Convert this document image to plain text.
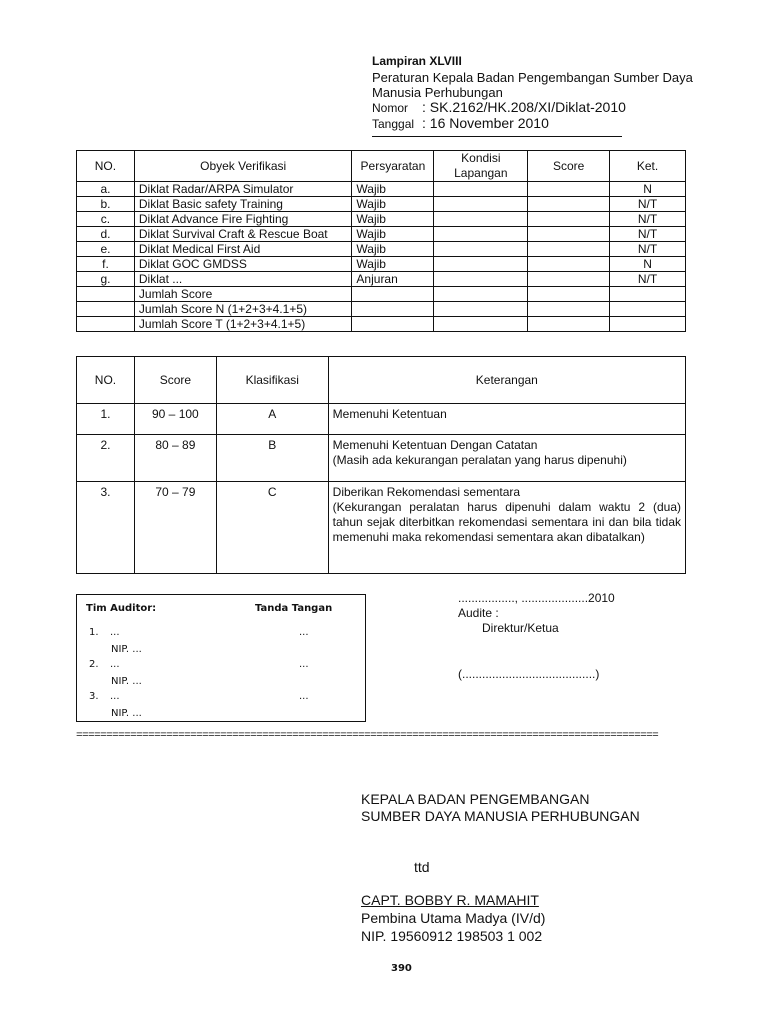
Lampiran XLVIII
Peraturan Kepala Badan Pengembangan Sumber Daya Manusia Perhubungan
Nomor : SK.2162/HK.208/XI/Diklat-2010
Tanggal : 16 November 2010
NO.	Obyek Verifikasi	Persyaratan	Kondisi Lapangan	Score	Ket.
a.	Diklat Radar/ARPA Simulator	Wajib			N
b.	Diklat Basic safety Training	Wajib			N/T
c.	Diklat Advance Fire Fighting	Wajib			N/T
d.	Diklat Survival Craft & Rescue Boat	Wajib			N/T
e.	Diklat Medical First Aid	Wajib			N/T
f.	Diklat GOC GMDSS	Wajib			N
g.	Diklat ...	Anjuran			N/T
	Jumlah Score				
	Jumlah Score N (1+2+3+4.1+5)				
	Jumlah Score T (1+2+3+4.1+5)				
NO.	Score	Klasifikasi	Keterangan
1.	90 – 100	A	Memenuhi Ketentuan

2.	80 – 89	B	Memenuhi Ketentuan Dengan Catatan
(Masih ada kekurangan peralatan yang harus dipenuhi)

3.	70 – 79	C	Diberikan Rekomendasi sementara
(Kekurangan peralatan harus dipenuhi dalam waktu 2 (dua) tahun sejak diterbitkan rekomendasi sementara ini dan bila tidak memenuhi maka rekomendasi sementara akan dibatalkan)
Tim Auditor:	Tanda Tangan
1. ...	...
NIP. ...
2. ...	...
NIP. ...
3. ...	...
NIP. ...
................., ....................2010
Audite :
Direktur/Ketua
(........................................)
=================================================================================================
KEPALA BADAN PENGEMBANGAN
SUMBER DAYA MANUSIA PERHUBUNGAN
ttd
CAPT. BOBBY R. MAMAHIT
Pembina Utama Madya (IV/d)
NIP. 19560912 198503 1 002
390
